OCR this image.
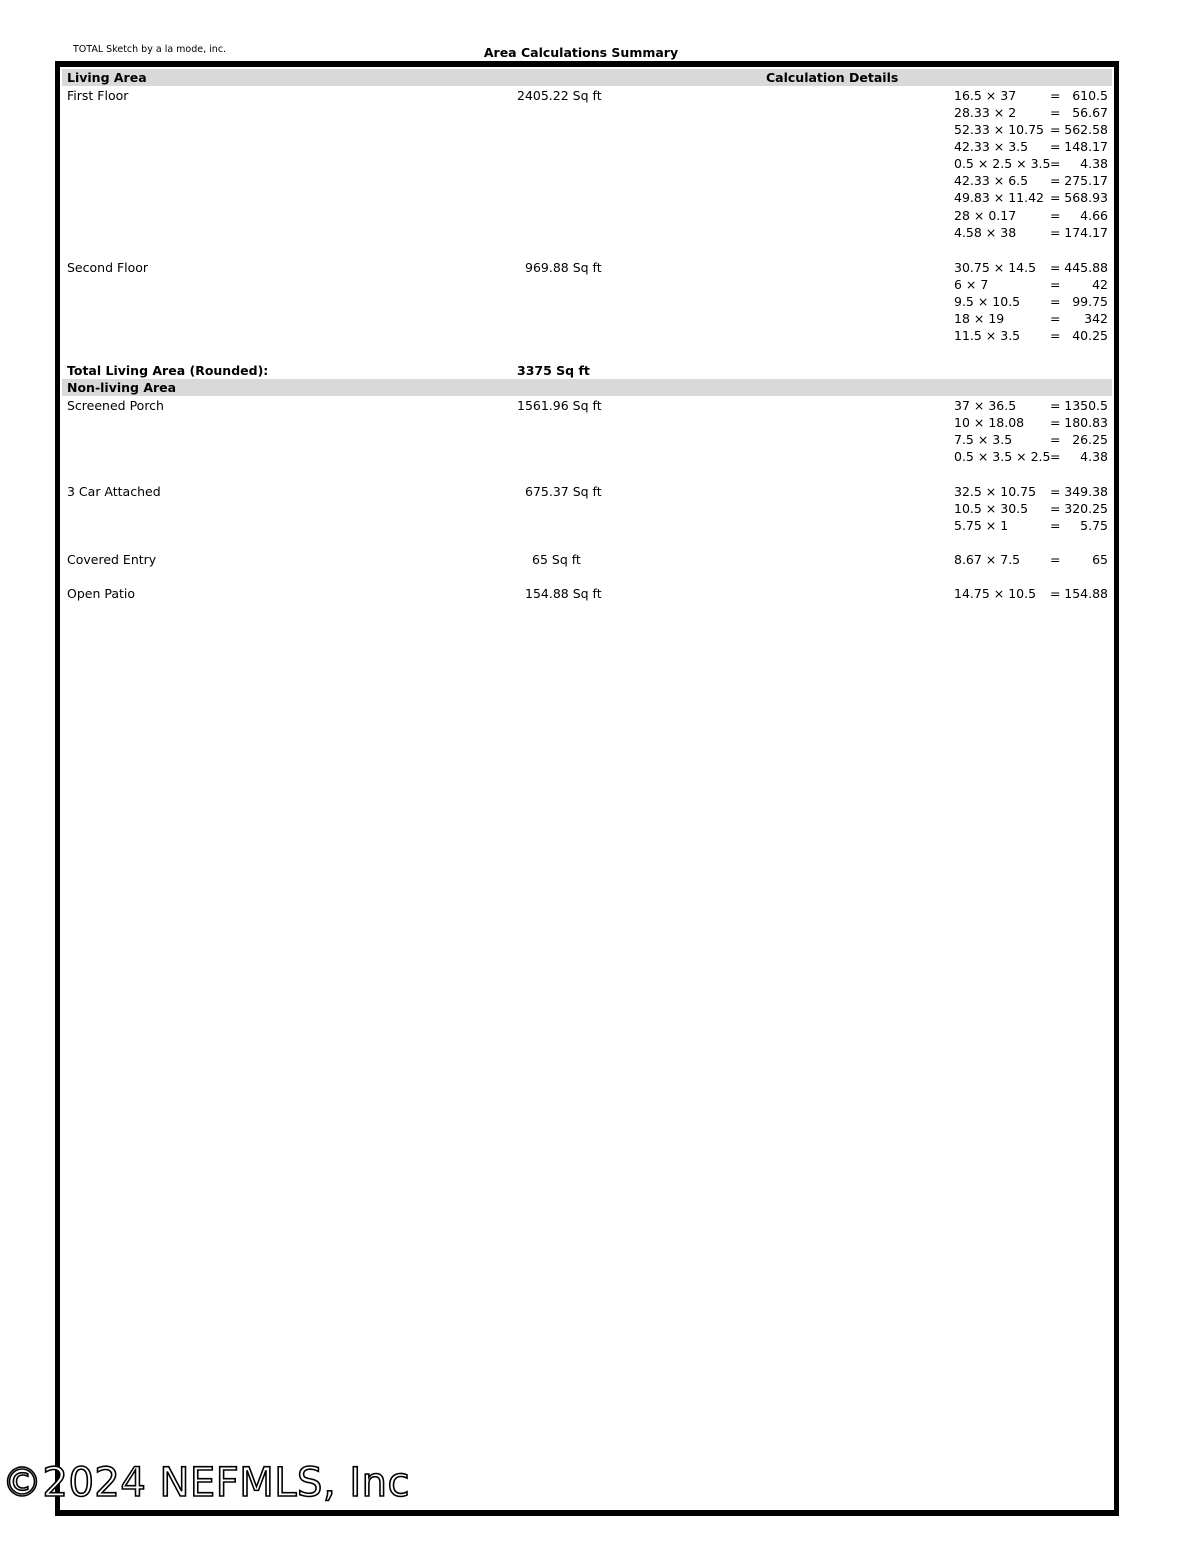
TOTAL Sketch by a la mode, inc.	Area Calculations Summary
Living Area	Calculation Details
First Floor	2405.22 Sq ft	16.5 × 37	= 610.5
28.33 × 2	= 56.67
52.33 × 10.75 = 562.58
42.33 × 3.5 = 148.17
0.5 × 2.5 × 3.5 = 4.38
42.33 × 6.5 = 275.17
49.83 × 11.42 = 568.93
28 × 0.17	= 4.66
4.58 × 38	= 174.17
Second Floor	969.88 Sq ft	30.75 × 14.5 = 445.88
6 × 7	=	42
9.5 × 10.5 = 99.75
18 × 19	= 342
11.5 × 3.5 = 40.25
Total Living Area (Rounded):	3375 Sq ft
Non-living Area
Screened Porch	1561.96 Sq ft	37 × 36.5	= 1350.5
10 × 18.08 = 180.83
7.5 × 3.5	= 26.25
0.5 × 3.5 × 2.5 = 4.38
3 Car Attached	675.37 Sq ft	32.5 × 10.75 = 349.38
10.5 × 30.5 = 320.25
5.75 × 1	= 5.75
Covered Entry	65 Sq ft	8.67 × 7.5 =	65
Open Patio	154.88 Sq ft	14.75 × 10.5 = 154.88
©2024 NEFMLS, Inc
